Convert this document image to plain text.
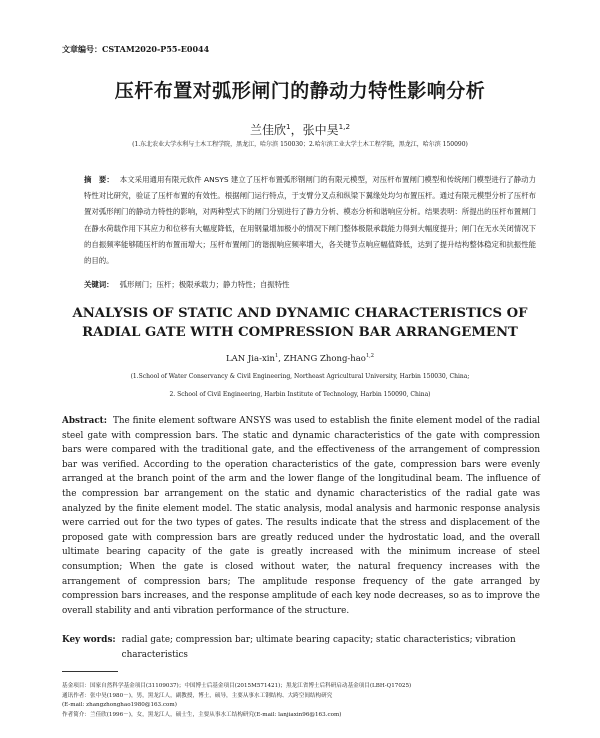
文章编号：CSTAM2020-P55-E0044
压杆布置对弧形闸门的静动力特性影响分析
兰佳欣$^1$，张中昊$^{1,2}$
(1.东北农业大学水利与土木工程学院，黑龙江，哈尔滨 150030；2.哈尔滨工业大学土木工程学院，黑龙江，哈尔滨 150090)
摘　要： 本文采用通用有限元软件 ANSYS 建立了压杆布置弧形钢闸门的有限元模型，对压杆布置闸门模型和传统闸门模型进行了静动力特性对比研究，验证了压杆布置的有效性。根据闸门运行特点，于支臂分叉点和纵梁下翼缘处均匀布置压杆。通过有限元模型分析了压杆布置对弧形闸门的静动力特性的影响，对两种型式下的闸门分别进行了静力分析、模态分析和谐响应分析。结果表明：所提出的压杆布置闸门在静水荷载作用下其应力和位移有大幅度降低，在用钢量增加极小的情况下闸门整体极限承载能力得到大幅度提升；闸门在无水关闭情况下的自振频率能够随压杆的布置而增大；压杆布置闸门的谐振响应频率增大，各关键节点响应幅值降低，达到了提升结构整体稳定和抗振性能的目的。
关键词： 弧形闸门；压杆；极限承载力；静力特性；自振特性
ANALYSIS OF STATIC AND DYNAMIC CHARACTERISTICS OF
RADIAL GATE WITH COMPRESSION BAR ARRANGEMENT
LAN Jia-xin$^1$, ZHANG Zhong-hao$^{1,2}$
(1.School of Water Conservancy & Civil Engineering, Northeast Agricultural University, Harbin 150030, China;
2. School of Civil Engineering, Harbin Institute of Technology, Harbin 150090, China)
Abstract: The finite element software ANSYS was used to establish the finite element model of the radial steel gate with compression bars. The static and dynamic characteristics of the gate with compression bars were compared with the traditional gate, and the effectiveness of the arrangement of compression bar was verified. According to the operation characteristics of the gate, compression bars were evenly arranged at the branch point of the arm and the lower flange of the longitudinal beam. The influence of the compression bar arrangement on the static and dynamic characteristics of the radial gate was analyzed by the finite element model. The static analysis, modal analysis and harmonic response analysis were carried out for the two types of gates. The results indicate that the stress and displacement of the proposed gate with compression bars are greatly reduced under the hydrostatic load, and the overall ultimate bearing capacity of the gate is greatly increased with the minimum increase of steel consumption; When the gate is closed without water, the natural frequency increases with the arrangement of compression bars; The amplitude response frequency of the gate arranged by compression bars increases, and the response amplitude of each key node decreases, so as to improve the overall stability and anti vibration performance of the structure.
Key words: radial gate; compression bar; ultimate bearing capacity; static characteristics; vibration characteristics

基金项目：国家自然科学基金项目(31109037)；中国博士后基金项目(2015M571421)；黑龙江省博士后科研启动基金项目(LBH-Q17025)

通讯作者：张中昊(1980－)，男，黑龙江人，副教授，博士，硕导，主要从事水工钢结构、大跨空间结构研究

(E-mail: zhangzhonghao1980@163.com)

作者简介：兰佳欣(1996－)，女，黑龙江人，硕士生，主要从事水工结构研究(E-mail: lanjiaxin96@163.com)
